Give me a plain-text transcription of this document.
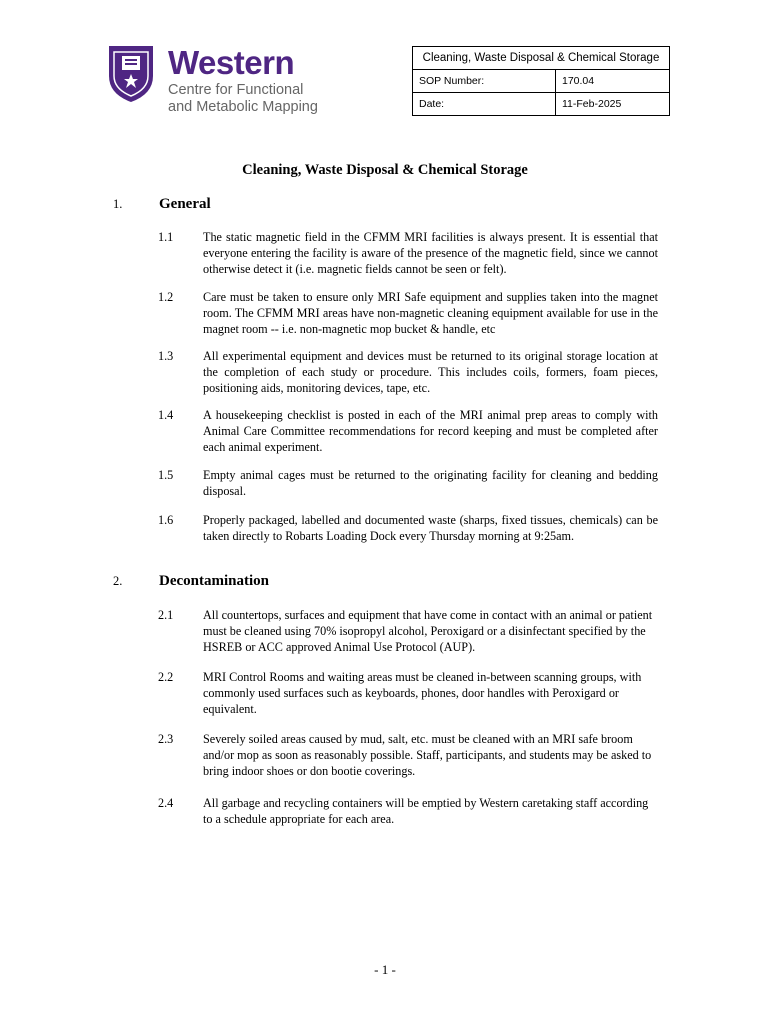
Western
Centre for Functional
and Metabolic Mapping
Cleaning, Waste Disposal & Chemical Storage	
SOP Number:	170.04
Date:	11-Feb-2025
Cleaning, Waste Disposal & Chemical Storage
1. General
1.1 The static magnetic field in the CFMM MRI facilities is always present. It is essential that everyone entering the facility is aware of the presence of the magnetic field, since we cannot otherwise detect it (i.e. magnetic fields cannot be seen or felt).
1.2 Care must be taken to ensure only MRI Safe equipment and supplies taken into the magnet room. The CFMM MRI areas have non-magnetic cleaning equipment available for use in the magnet room -- i.e. non-magnetic mop bucket & handle, etc
1.3 All experimental equipment and devices must be returned to its original storage location at the completion of each study or procedure. This includes coils, formers, foam pieces, positioning aids, monitoring devices, tape, etc.
1.4 A housekeeping checklist is posted in each of the MRI animal prep areas to comply with Animal Care Committee recommendations for record keeping and must be completed after each animal experiment.
1.5 Empty animal cages must be returned to the originating facility for cleaning and bedding disposal.
1.6 Properly packaged, labelled and documented waste (sharps, fixed tissues, chemicals) can be taken directly to Robarts Loading Dock every Thursday morning at 9:25am.
2. Decontamination
2.1 All countertops, surfaces and equipment that have come in contact with an animal or patient must be cleaned using 70% isopropyl alcohol, Peroxigard or a disinfectant specified by the HSREB or ACC approved Animal Use Protocol (AUP).
2.2 MRI Control Rooms and waiting areas must be cleaned in-between scanning groups, with commonly used surfaces such as keyboards, phones, door handles with Peroxigard or equivalent.
2.3 Severely soiled areas caused by mud, salt, etc. must be cleaned with an MRI safe broom and/or mop as soon as reasonably possible. Staff, participants, and students may be asked to bring indoor shoes or don bootie coverings.
2.4 All garbage and recycling containers will be emptied by Western caretaking staff according to a schedule appropriate for each area.
- 1 -
